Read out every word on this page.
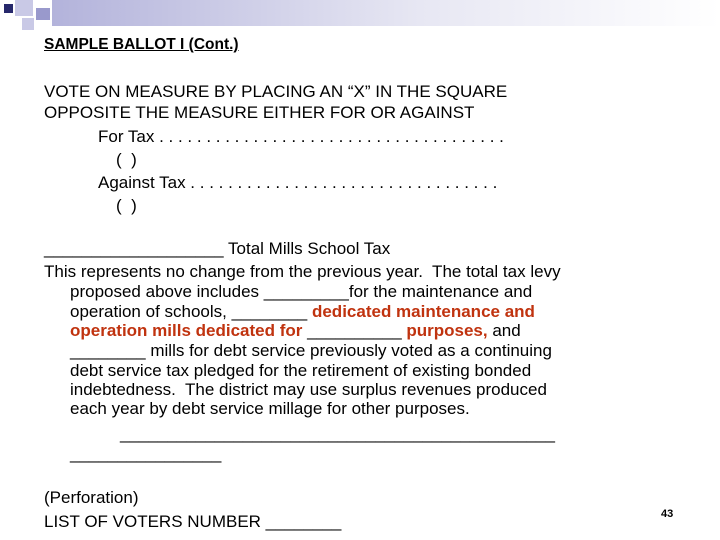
SAMPLE BALLOT I (Cont.)
VOTE ON MEASURE BY PLACING AN “X” IN THE SQUARE
OPPOSITE THE MEASURE EITHER FOR OR AGAINST
For Tax . . . . . . . . . . . . . . . . . . . . . . . . . . . . . . . . . . . . .
(  )
Against Tax . . . . . . . . . . . . . . . . . . . . . . . . . . . . . . . . .
(  )
___________________ Total Mills School Tax
This represents no change from the previous year.  The total tax levy
proposed above includes _________for the maintenance and
operation of schools, ________ dedicated maintenance and
operation mills dedicated for __________ purposes, and
________ mills for debt service previously voted as a continuing
debt service tax pledged for the retirement of existing bonded
indebtedness.  The district may use surplus revenues produced
each year by debt service millage for other purposes.
______________________________________________
________________
(Perforation)
LIST OF VOTERS NUMBER ________	43
